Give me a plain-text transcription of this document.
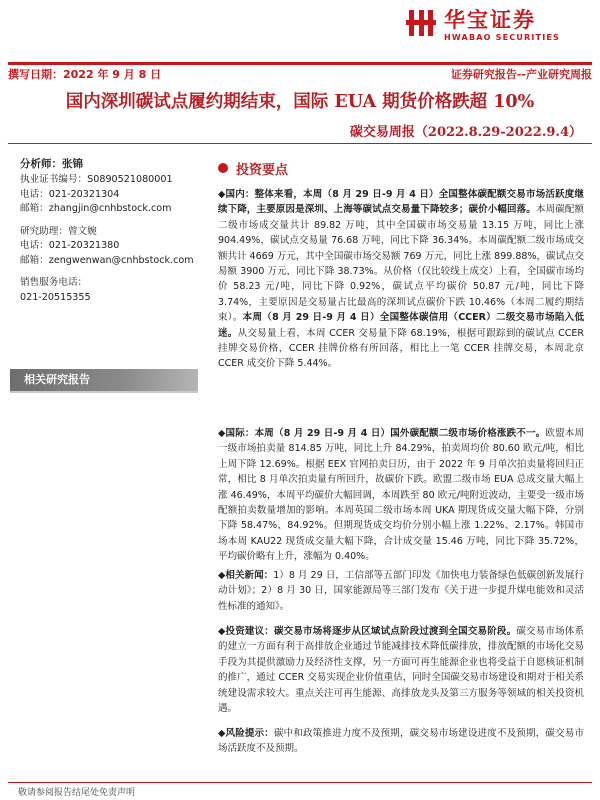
华宝证券
HWABAO SECURITIES
撰写日期：2022 年 9 月 8 日	证券研究报告--产业研究周报
国内深圳碳试点履约期结束，国际 EUA 期货价格跌超 10%
碳交易周报（2022.8.29-2022.9.4）
分析师：张锦
执业证书编号：S0890521080001
电话：021-20321304
邮箱：zhangjin@cnhbstock.com
研究助理：曾文婉
电话：021-20321380
邮箱：zengwenwan@cnhbstock.com
销售服务电话：
021-20515355
相关研究报告
投资要点
◆国内：整体来看，本周（8 月 29 日-9 月 4 日）全国整体碳配额交易市场活跃度继续下降，主要原因是深圳、上海等碳试点交易量下降较多；碳价小幅回落。本周碳配额二级市场成交量共计 89.82 万吨，其中全国碳市场交易量 13.15 万吨，同比上涨 904.49%，碳试点交易量 76.68 万吨，同比下降 36.34%。本周碳配额二级市场成交额共计 4669 万元，其中全国碳市场交易额 769 万元，同比上涨 899.88%，碳试点交易额 3900 万元，同比下降 38.73%。从价格（仅比较线上成交）上看，全国碳市场均价 58.23 元/吨，同比下降 0.92%，碳试点平均碳价 50.87 元/吨，同比下降 3.74%，主要原因是交易量占比最高的深圳试点碳价下跌 10.46%（本周二履约期结束）。本周（8 月 29 日-9 月 4 日）全国整体碳信用（CCER）二级交易市场陷入低迷。从交易量上看，本周 CCER 交易量下降 68.19%，根据可跟踪到的碳试点 CCER 挂牌交易价格，CCER 挂牌价格有所回落，相比上一笔 CCER 挂牌交易，本周北京 CCER 成交价下降 5.44%。
◆国际：本周（8 月 29 日-9 月 4 日）国外碳配额二级市场价格涨跌不一。欧盟本周一级市场拍卖量 814.85 万吨，同比上升 84.29%，拍卖周均价 80.60 欧元/吨，相比上周下降 12.69%。根据 EEX 官网拍卖日历，由于 2022 年 9 月单次拍卖量将回归正常，相比 8 月单次拍卖量有所回升，故碳价下跌。欧盟二级市场 EUA 总成交量大幅上涨 46.49%，本周平均碳价大幅回调，本周跌至 80 欧元/吨附近波动，主要受一级市场配额拍卖数量增加的影响。本周英国二级市场本周 UKA 期现货成交量大幅下降，分别下降 58.47%、84.92%。但期现货成交均价分别小幅上涨 1.22%、2.17%。韩国市场本周 KAU22 现货成交量大幅下降，合计成交量 15.46 万吨，同比下降 35.72%，平均碳价略有上升，涨幅为 0.40%。
◆相关新闻：1）8 月 29 日，工信部等五部门印发《加快电力装备绿色低碳创新发展行动计划》；2）8 月 30 日，国家能源局等三部门发布《关于进一步提升煤电能效和灵活性标准的通知》。
◆投资建议：碳交易市场将逐步从区域试点阶段过渡到全国交易阶段。碳交易市场体系的建立一方面有利于高排放企业通过节能减排技术降低碳排放，排放配额的市场化交易手段为其提供激励力及经济性支撑，另一方面可再生能源企业也将受益于自愿核证机制的推广，通过 CCER 交易实现企业价值重估，同时全国碳交易市场建设和期对于相关系统建设需求较大。重点关注可再生能源、高排放龙头及第三方服务等领域的相关投资机遇。
◆风险提示：碳中和政策推进力度不及预期，碳交易市场建设进度不及预期，碳交易市场活跃度不及预期。
敬请参阅报告结尾处免责声明
